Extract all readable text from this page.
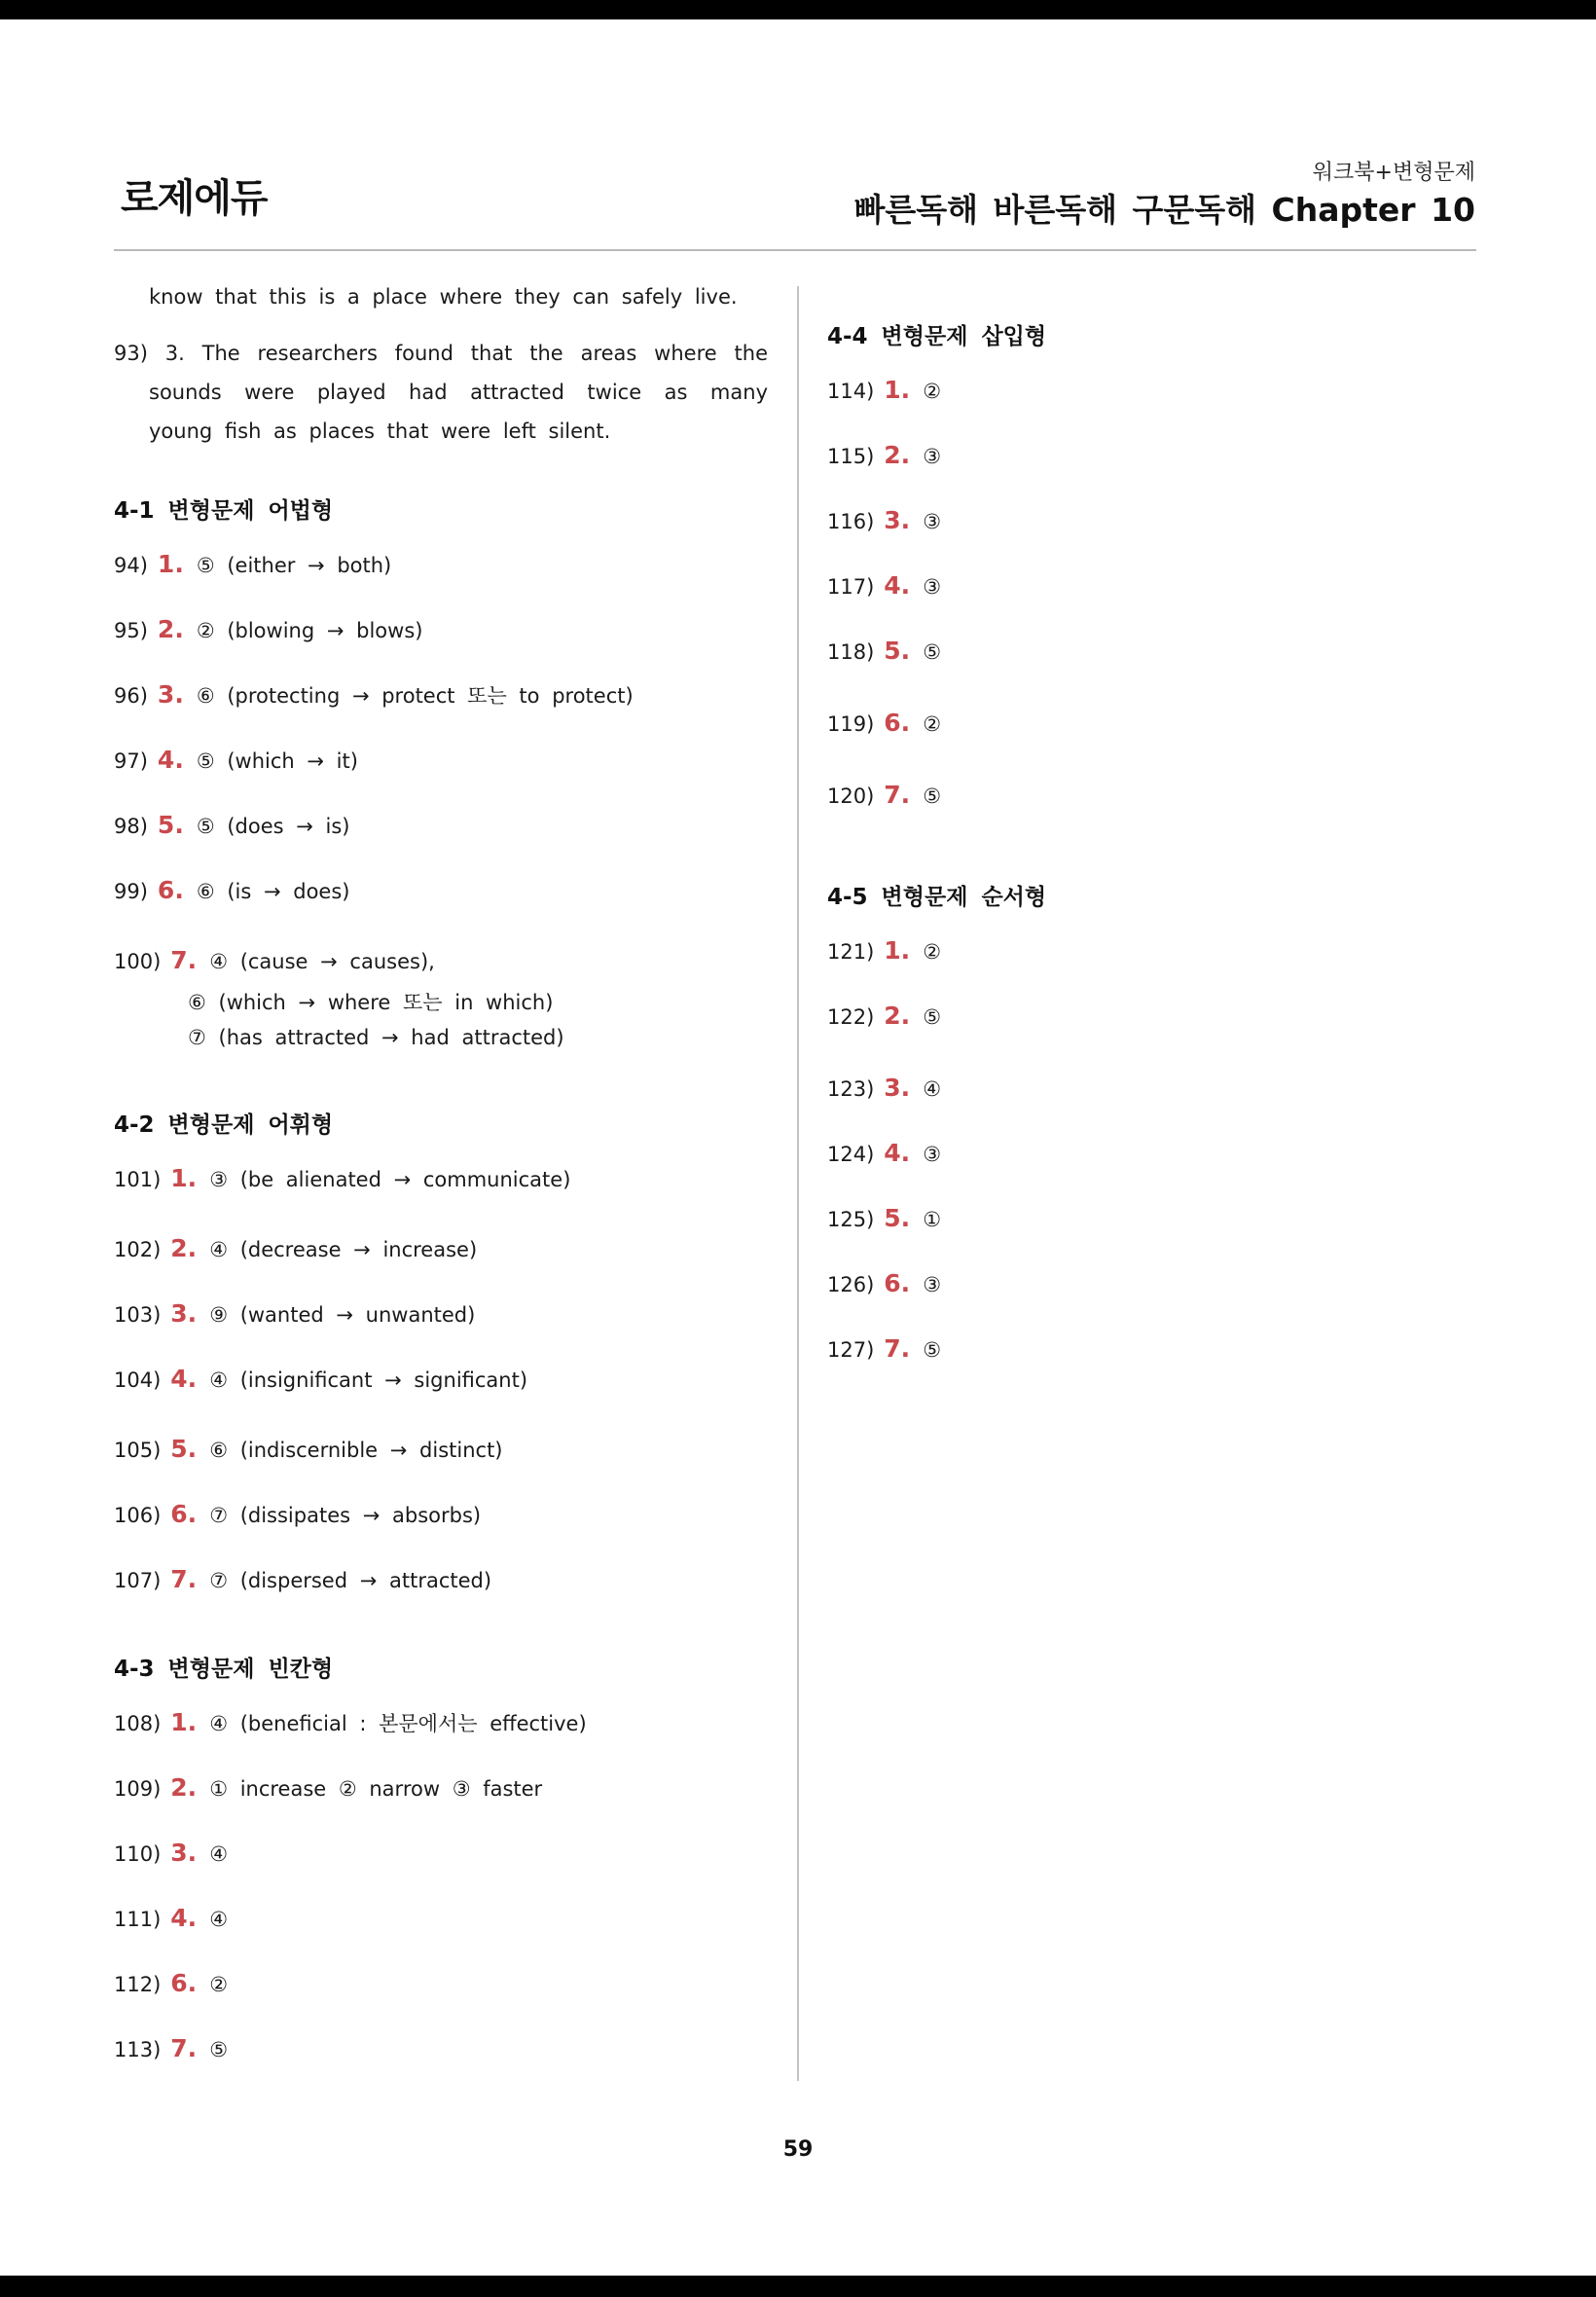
로제에듀
워크북+변형문제
빠른독해 바른독해 구문독해 Chapter 10
know that this is a place where they can safely live.
93) 3. The researchers found that the areas where the sounds were played had attracted twice as many young fish as places that were left silent.
4-1 변형문제 어법형
94) 1. ⑤ (either → both)
95) 2. ② (blowing → blows)
96) 3. ⑥ (protecting → protect 또는 to protect)
97) 4. ⑤ (which → it)
98) 5. ⑤ (does → is)
99) 6. ⑥ (is → does)
100) 7. ④ (cause → causes),
⑥ (which → where 또는 in which)
⑦ (has attracted → had attracted)
4-2 변형문제 어휘형
101) 1. ③ (be alienated → communicate)
102) 2. ④ (decrease → increase)
103) 3. ⑨ (wanted → unwanted)
104) 4. ④ (insignificant → significant)
105) 5. ⑥ (indiscernible → distinct)
106) 6. ⑦ (dissipates → absorbs)
107) 7. ⑦ (dispersed → attracted)
4-3 변형문제 빈칸형
108) 1. ④ (beneficial : 본문에서는 effective)
109) 2. ① increase ② narrow ③ faster
110) 3. ④
111) 4. ④
112) 6. ②
113) 7. ⑤
4-4 변형문제 삽입형
114) 1. ②
115) 2. ③
116) 3. ③
117) 4. ③
118) 5. ⑤
119) 6. ②
120) 7. ⑤
4-5 변형문제 순서형
121) 1. ②
122) 2. ⑤
123) 3. ④
124) 4. ③
125) 5. ①
126) 6. ③
127) 7. ⑤
59
